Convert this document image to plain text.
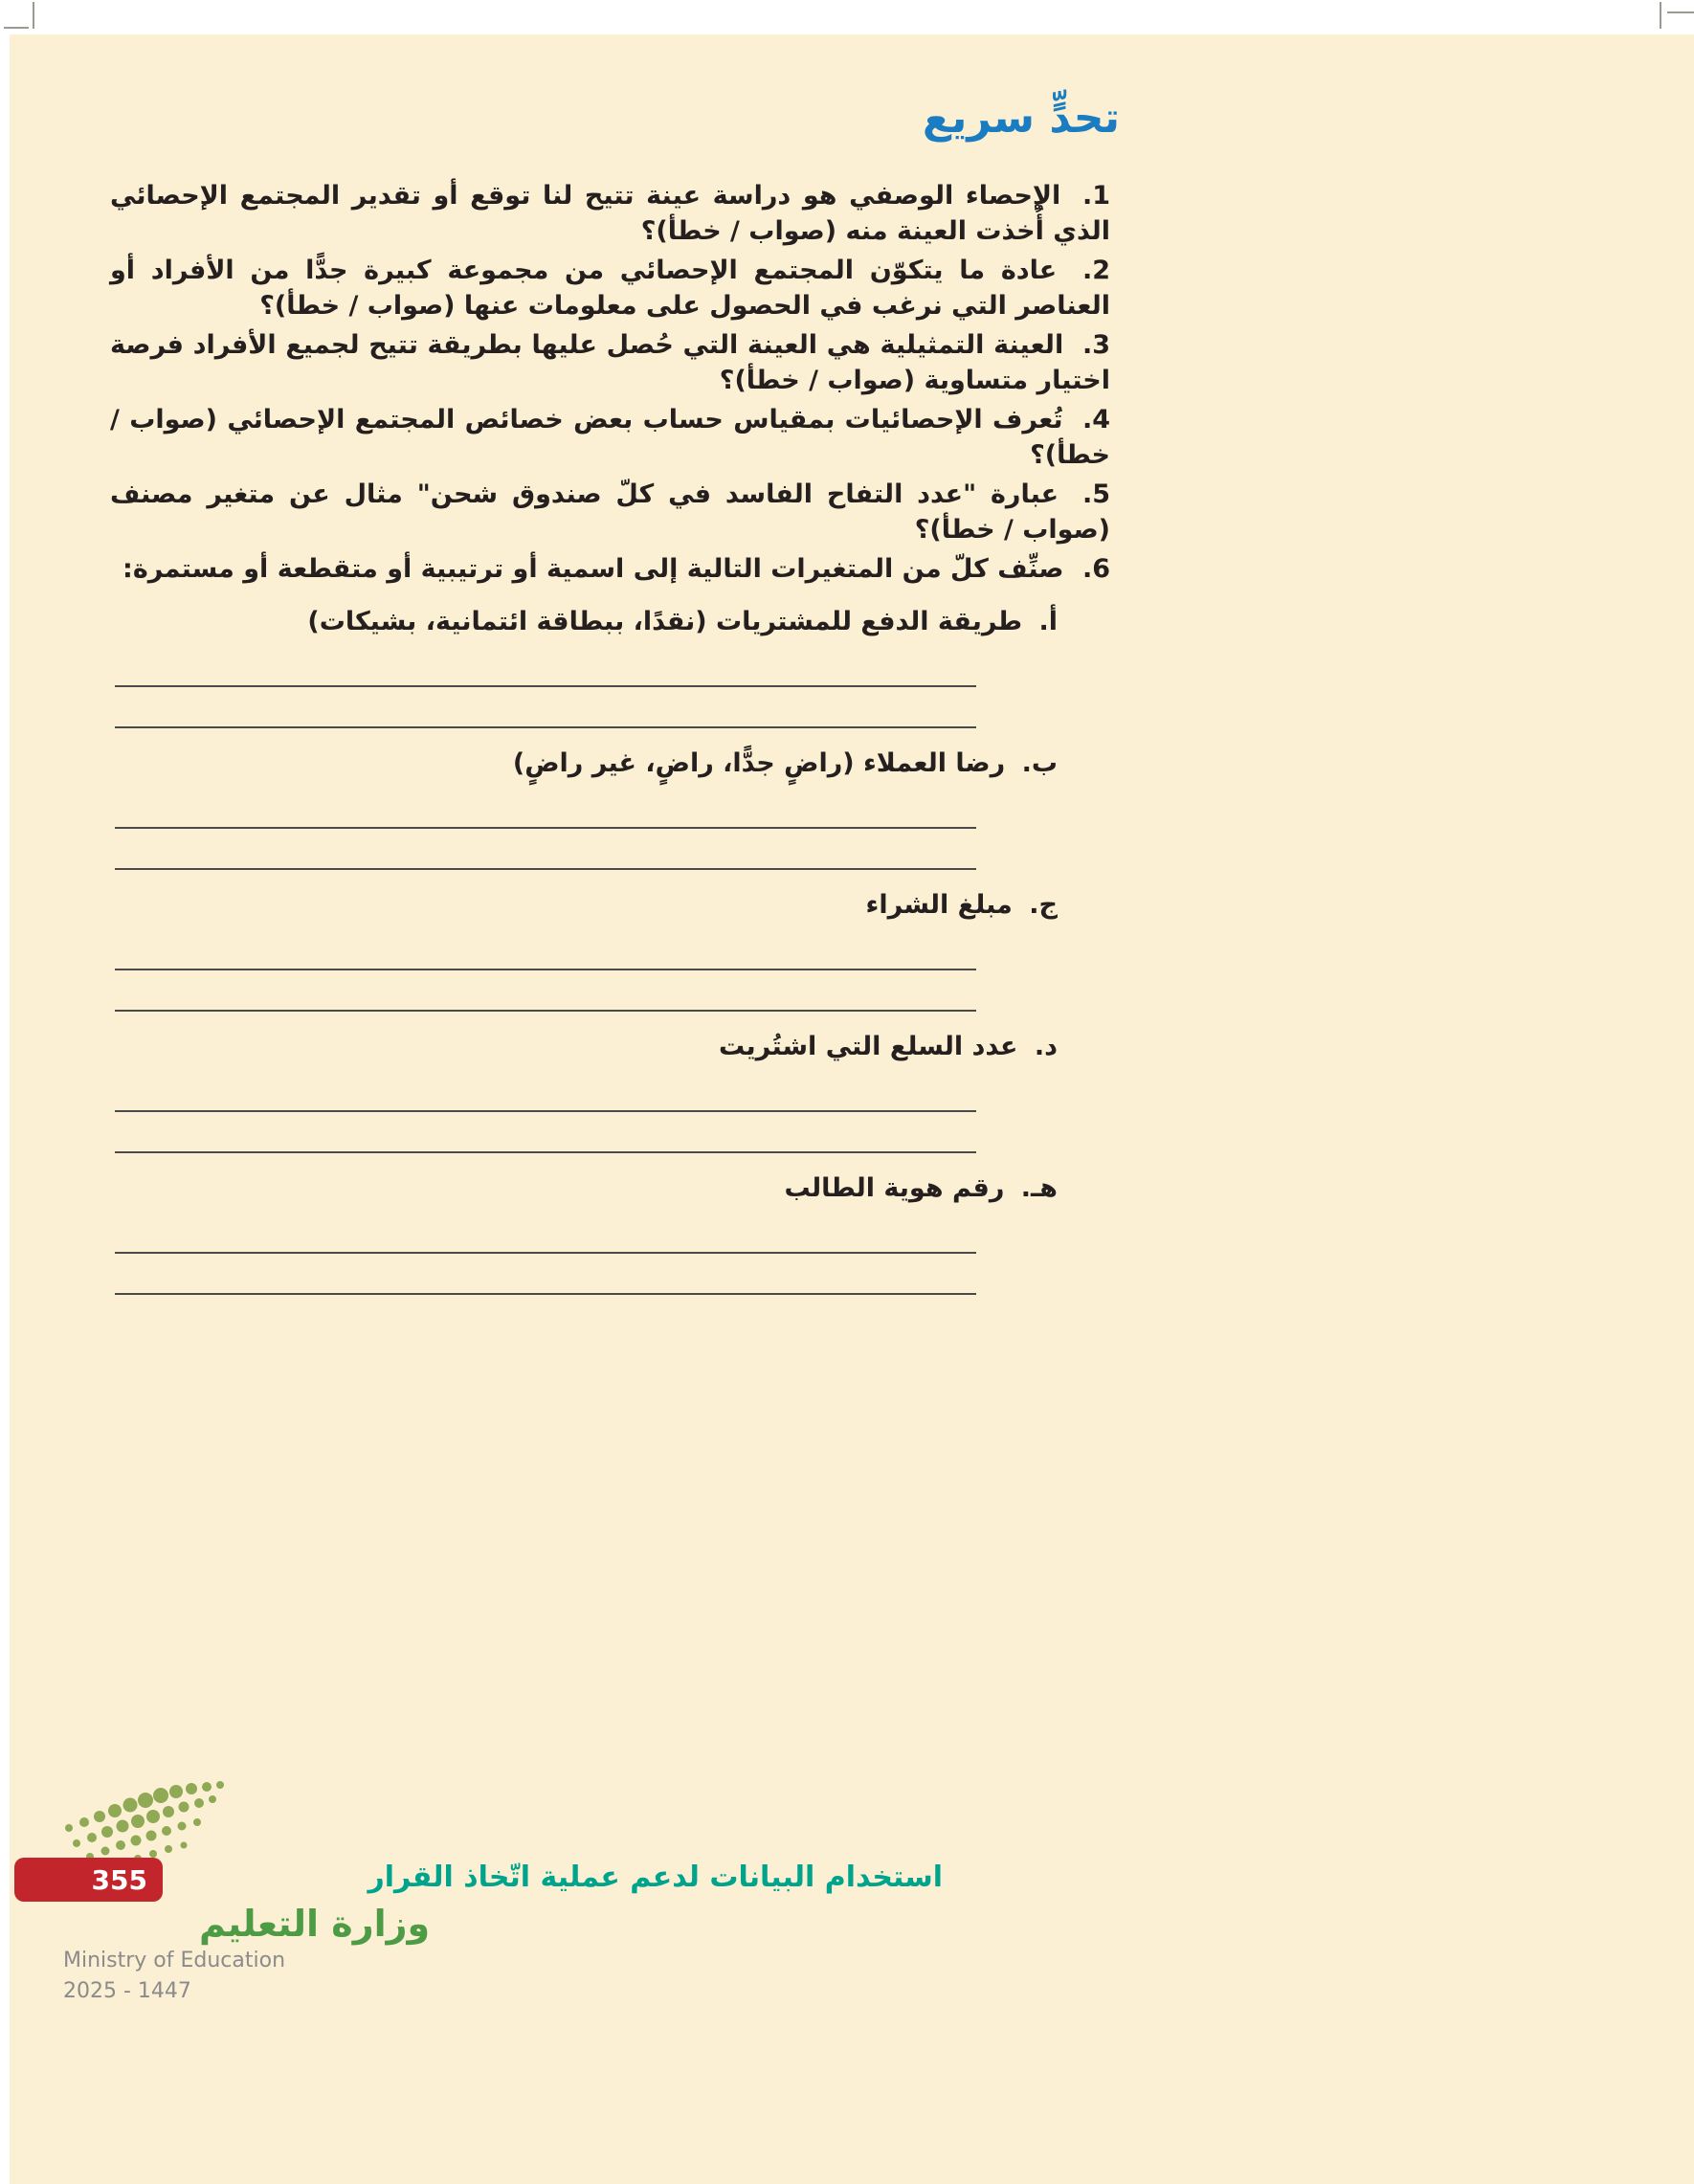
تحدٍّ سريع

1. الإحصاء الوصفي هو دراسة عينة تتيح لنا توقع أو تقدير المجتمع الإحصائي الذي أُخذت العينة منه (صواب / خطأ)؟

2. عادة ما يتكوّن المجتمع الإحصائي من مجموعة كبيرة جدًّا من الأفراد أو العناصر التي نرغب في الحصول على معلومات عنها (صواب / خطأ)؟

3. العينة التمثيلية هي العينة التي حُصل عليها بطريقة تتيح لجميع الأفراد فرصة اختيار متساوية (صواب / خطأ)؟

4. تُعرف الإحصائيات بمقياس حساب بعض خصائص المجتمع الإحصائي (صواب / خطأ)؟

5. عبارة "عدد التفاح الفاسد في كلّ صندوق شحن" مثال عن متغير مصنف (صواب / خطأ)؟

6. صنِّف كلّ من المتغيرات التالية إلى اسمية أو ترتيبية أو متقطعة أو مستمرة:

أ. طريقة الدفع للمشتريات (نقدًا، ببطاقة ائتمانية، بشيكات)

ب. رضا العملاء (راضٍ جدًّا، راضٍ، غير راضٍ)

ج. مبلغ الشراء

د. عدد السلع التي اشتُريت

هـ. رقم هوية الطالب

355	استخدام البيانات لدعم عملية اتّخاذ القرار

وزارة التعليم

Ministry of Education
2025 - 1447
